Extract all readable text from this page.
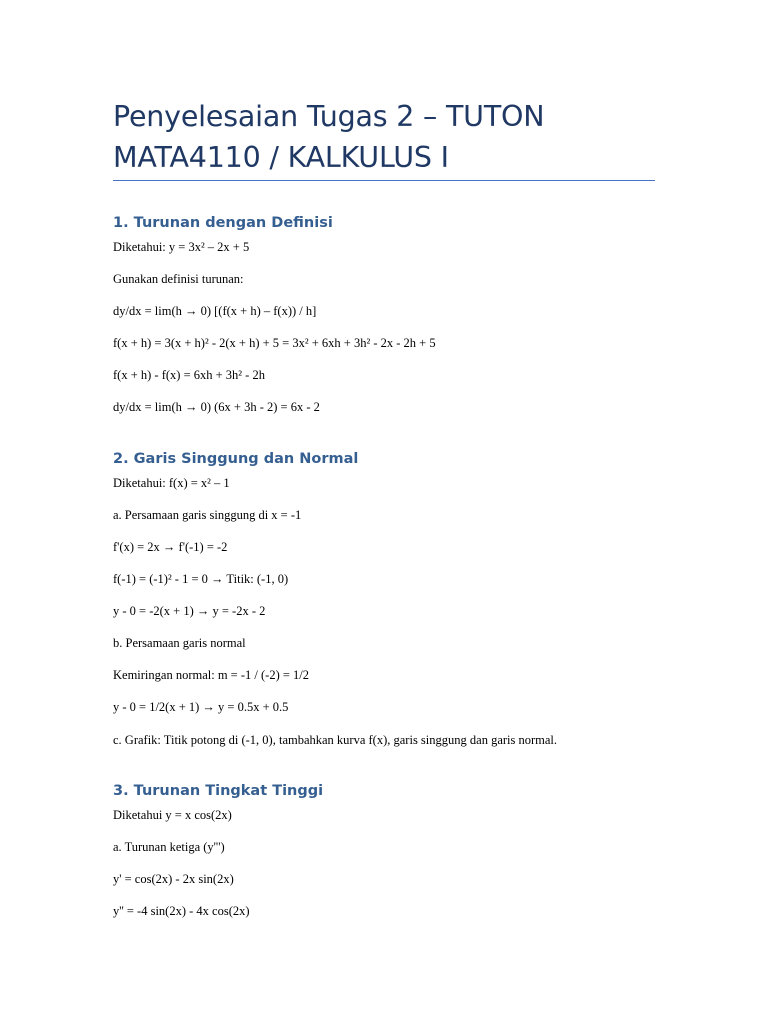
Penyelesaian Tugas 2 – TUTON
MATA4110 / KALKULUS I
1. Turunan dengan Definisi

Diketahui: y = 3x² – 2x + 5

Gunakan definisi turunan:

dy/dx = lim(h → 0) [(f(x + h) – f(x)) / h]

f(x + h) = 3(x + h)² - 2(x + h) + 5 = 3x² + 6xh + 3h² - 2x - 2h + 5

f(x + h) - f(x) = 6xh + 3h² - 2h

dy/dx = lim(h → 0) (6x + 3h - 2) = 6x - 2

2. Garis Singgung dan Normal

Diketahui: f(x) = x² – 1

a. Persamaan garis singgung di x = -1

f'(x) = 2x → f'(-1) = -2

f(-1) = (-1)² - 1 = 0 → Titik: (-1, 0)

y - 0 = -2(x + 1) → y = -2x - 2

b. Persamaan garis normal

Kemiringan normal: m = -1 / (-2) = 1/2

y - 0 = 1/2(x + 1) → y = 0.5x + 0.5

c. Grafik: Titik potong di (-1, 0), tambahkan kurva f(x), garis singgung dan garis normal.

3. Turunan Tingkat Tinggi

Diketahui y = x cos(2x)

a. Turunan ketiga (y''')

y' = cos(2x) - 2x sin(2x)

y'' = -4 sin(2x) - 4x cos(2x)
